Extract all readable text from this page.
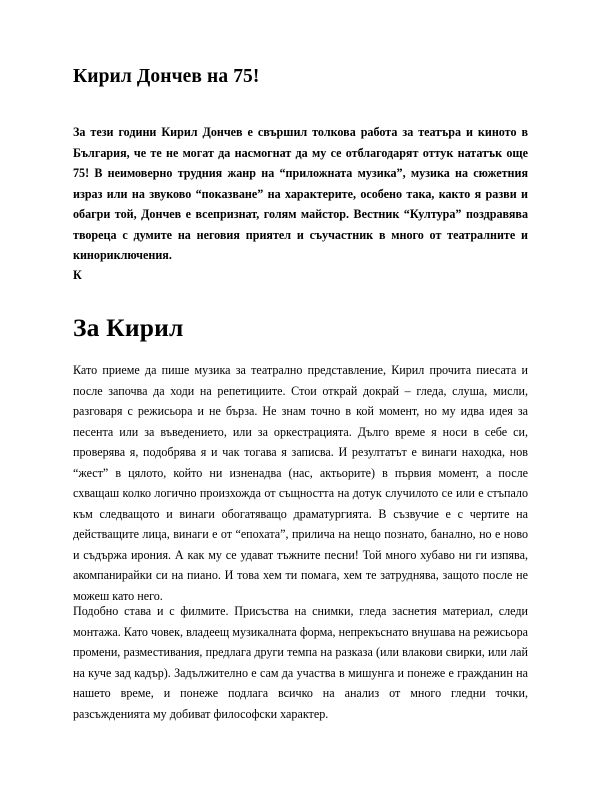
Кирил Дончев на 75!

За тези години Кирил Дончев е свършил толкова работа за театъра и киното в България, че те не могат да насмогнат да му се отблагодарят оттук нататък още 75! В неимоверно трудния жанр на “приложната музика”, музика на сюжетния израз или на звуково “показване” на характерите, особено така, както я разви и обагри той, Дончев е всепризнат, голям майстор. Вестник “Култура” поздравява твореца с думите на неговия приятел и съучастник в много от театралните и кинориключения.

К

За Кирил

Като приеме да пише музика за театрално представление, Кирил прочита пиесата и после започва да ходи на репетициите. Стои открай докрай – гледа, слуша, мисли, разговаря с режисьора и не бърза. Не знам точно в кой момент, но му идва идея за песента или за въведението, или за оркестрацията. Дълго време я носи в себе си, проверява я, подобрява я и чак тогава я записва. И резултатът е винаги находка, нов “жест” в цялото, който ни изненадва (нас, актьорите) в първия момент, а после схващаш колко логично произхожда от същността на дотук случилото се или е стъпало към следващото и винаги обогатяващо драматургията. В съзвучие е с чертите на действащите лица, винаги е от “епохата”, прилича на нещо познато, банално, но е ново и съдържа ирония. А как му се удават тъжните песни! Той много хубаво ни ги изпява, акомпанирайки си на пиано. И това хем ти помага, хем те затруднява, защото после не можеш като него.

Подобно става и с филмите. Присъства на снимки, гледа заснетия материал, следи монтажа. Като човек, владеещ музикалната форма, непрекъснато внушава на режисьора промени, разместивания, предлага други темпа на разказа (или влакови свирки, или лай на куче зад кадър). Задължително е сам да участва в мишунга и понеже е гражданин на нашето време, и понеже подлага всичко на анализ от много гледни точки, разсъжденията му добиват философски характер.
